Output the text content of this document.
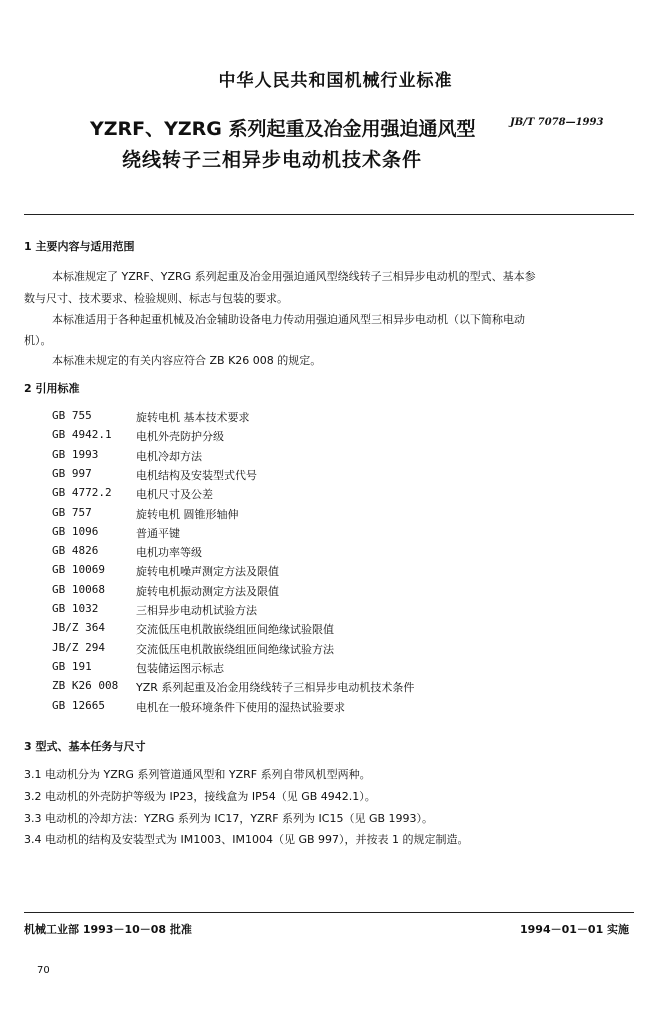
中华人民共和国机械行业标准
YZRF、YZRG 系列起重及冶金用强迫通风型
绕线转子三相异步电动机技术条件
JB/T 7078—1993
1 主要内容与适用范围
本标准规定了 YZRF、YZRG 系列起重及冶金用强迫通风型绕线转子三相异步电动机的型式、基本参
数与尺寸、技术要求、检验规则、标志与包装的要求。
本标准适用于各种起重机械及冶金辅助设备电力传动用强迫通风型三相异步电动机（以下简称电动
机）。
本标准未规定的有关内容应符合 ZB K26 008 的规定。
2 引用标准
GB 755	旋转电机 基本技术要求
GB 4942.1 电机外壳防护分级
GB 1993	电机冷却方法
GB 997	电机结构及安装型式代号
GB 4772.2 电机尺寸及公差
GB 757	旋转电机 圆锥形轴伸
GB 1096	普通平键
GB 4826	电机功率等级
GB 10069	旋转电机噪声测定方法及限值
GB 10068	旋转电机振动测定方法及限值
GB 1032	三相异步电动机试验方法
JB/Z 364	交流低压电机散嵌绕组匝间绝缘试验限值
JB/Z 294	交流低压电机散嵌绕组匝间绝缘试验方法
GB 191	包装储运图示标志
ZB K26 008 YZR 系列起重及冶金用绕线转子三相异步电动机技术条件
GB 12665	电机在一般环境条件下使用的湿热试验要求
3 型式、基本任务与尺寸
3.1 电动机分为 YZRG 系列管道通风型和 YZRF 系列自带风机型两种。
3.2 电动机的外壳防护等级为 IP23，接线盒为 IP54（见 GB 4942.1）。
3.3 电动机的冷却方法：YZRG 系列为 IC17，YZRF 系列为 IC15（见 GB 1993）。
3.4 电动机的结构及安装型式为 IM1003、IM1004（见 GB 997），并按表 1 的规定制造。
机械工业部 1993－10－08 批准	1994－01－01 实施
70
